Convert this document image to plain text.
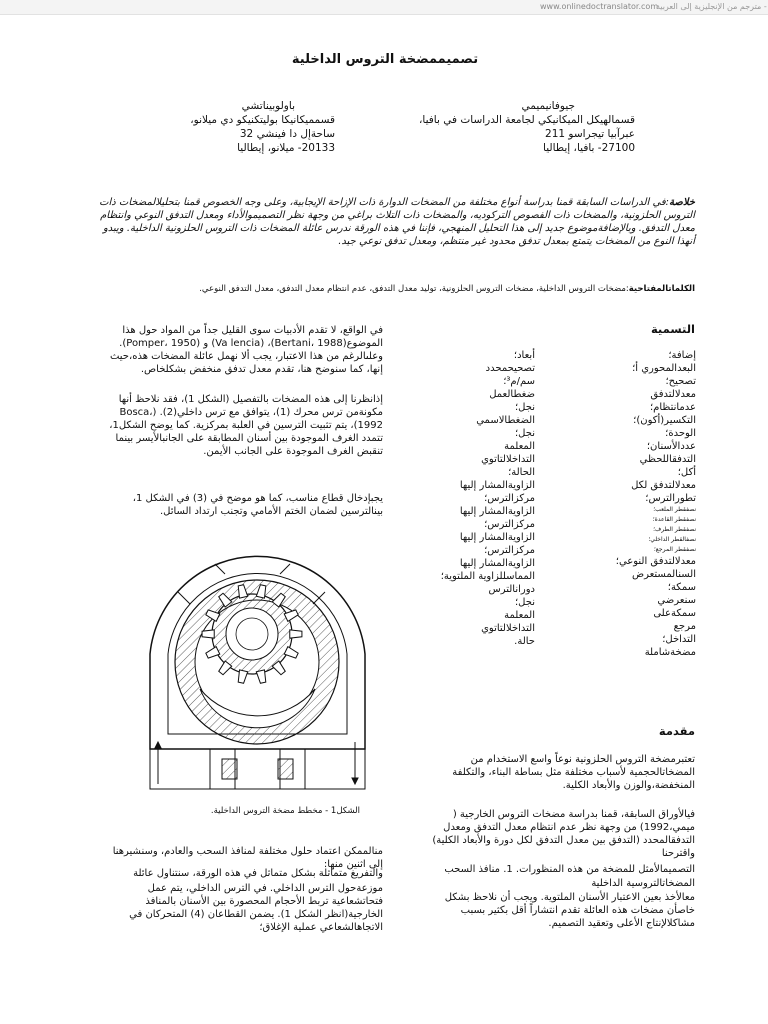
www.onlinedoctranslator.com
مترجم من الإنجليزية إلى العربية -
تصميممضخة التروس الداخلية
جيوفانيميمي
قسمالهيكل الميكانيكي لجامعة الدراسات في بافيا،
عبرآبيا تيجراسو 211
27100- بافيا، إيطاليا
باولوبيناتشي
قسمميكانيكا بوليتكنيكو دي ميلانو،
ساحةإل دا فينشي 32
20133- ميلانو، إيطاليا
خلاصة:في الدراسات السابقة قمنا بدراسة أنواع مختلفة من المضخات الدوارة ذات الإزاحة الإيجابية، وعلى وجه الخصوص قمنا بتحليلالمضخات ذات التروس الحلزونية، والمضخات ذات الفصوص التركوديه، والمضخات ذات التلاث براغي من وجهة نظر التصميموالأداء ومعدل التدفق النوعي وانتظام معدل التدفق. وبالإضافةموضوع جديد إلى هذا التحليل المنهجي، فإننا في هذه الورقة ندرس عائلة المضخات ذات التروس الحلزونية الداخلية. ويبدو أنهذا النوع من المضخات يتمتع بمعدل تدفق محدود غير منتظم، ومعدل تدفق نوعي جيد.
الكلماتالمفتاحية:مضخات التروس الداخلية، مضخات التروس الحلزونية، توليد معدل التدفق، عدم انتظام معدل التدفق، معدل التدفق النوعي.
في الواقع، لا تقدم الأدبيات سوى القليل جداً من المواد حول هذا الموضوع(Bertani، 1988)، (Va lencia) و (Pomper، 1950). وعلىالرغم من هذا الاعتبار، يجب ألا نهمل عائلة المضخات هذه،حيث إنها، كما سنوضح هنا، تقدم معدل تدفق منخفض بشكلخاص.
إذانظرنا إلى هذه المضخات بالتفصيل (الشكل 1)، فقد نلاحظ أنها مكونةمن ترس محرك (1)، يتوافق مع ترس داخلي(2). (Bosca، 1992)، يتم تثبيت الترسين في العلبة بمرکزية. كما يوضح الشكل1، تتمدد الغرف الموجودة بين أسنان المطابقة على الجانبالأيسر بينما تنقبض الغرف الموجودة على الجانب الأيمن.
يجبإدخال قطاع مناسب، كما هو موضح في (3) في الشكل 1، بينالترسين لضمان الختم الأمامي وتجنب ارتداد السائل.
الشكل1 - مخطط مضخة التروس الداخلية.
منالممكن اعتماد حلول مختلفة لمنافذ السحب والعادم، وسنشيرهنا إلى اثنين منها:
والتفريغ متماثلة بشكل متماثل في هذه الورقة، سنتناول عائلة
موزعةحول الترس الداخلي. في الترس الداخلي، يتم عمل فتحاتشعاعية تربط الأحجام المحصورة بين الأسنان بالمنافذ الخارجية(انظر الشكل 1). يضمن القطاعان (4) المتحركان في الاتجاهالشعاعي عملية الإغلاق؛
التسمية
إضافة؛
البعدالمحوري أ؛
تصحيح؛
معدلالتدفق
عدمانتظام؛
التكسير(أكون)؛
الوحدة؛
عددالأسنان؛
التدفقاللحظي
أكل؛
معدلالتدفق لكل
تطورالترس؛
نصفقطر الملعب؛
نصفقطر القاعدة؛
نصفقطر الطرف؛
نصفالقطر الداخلي؛
نصفقطر المرجع؛
معدلالتدفق النوعي؛
السنالمستعرض
سمكة؛
سنعرضي
سمكةعلى
مرجع
التداخل؛
مضخةشاملة
أبعاد؛
تصحيحمحدد
سم/م³؛
ضغطالعمل
نجل؛
الضغطالاسمي
نجل؛
المعلمة
التداخلالتاتوي
الحالة؛
الزاويةالمشار إليها
مركزالترس؛
الزاويةالمشار إليها
مركزالترس؛
الزاويةالمشار إليها
مركزالترس؛
الزاويةالمشار إليها
المماسللزاوية الملتوية؛
دورانالترس
نجل؛
المعلمة
التداخلالتاتوي
حالة.
مقدمة
تعتبرمضخة التروس الحلزونية نوعاً واسع الاستخدام من المضخاتالحجمية لأسباب مختلفة مثل بساطة البناء، والتكلفة المنخفضة،والوزن والأبعاد الكلية.
فيالأوراق السابقة، قمنا بدراسة مضخات التروس الخارجية ( ميمي،1992) من وجهة نظر عدم انتظام معدل التدفق ومعدل التدفقالمحدد (التدفق بين معدل التدفق لكل دورة والأبعاد الكلية) واقترحنا
التصميمالأمثل للمضخة من هذه المنظورات. 1. منافذ السحب
المضخاتالتروسية الداخلية
معالأخذ بعين الاعتبار الأسنان الملتوية. ويجب أن نلاحظ بشكل خاصأن مضخات هذه العائلة تقدم انتشاراً أقل بكثير بسبب مشاكلالإنتاج الأعلى وتعقيد التصميم.
